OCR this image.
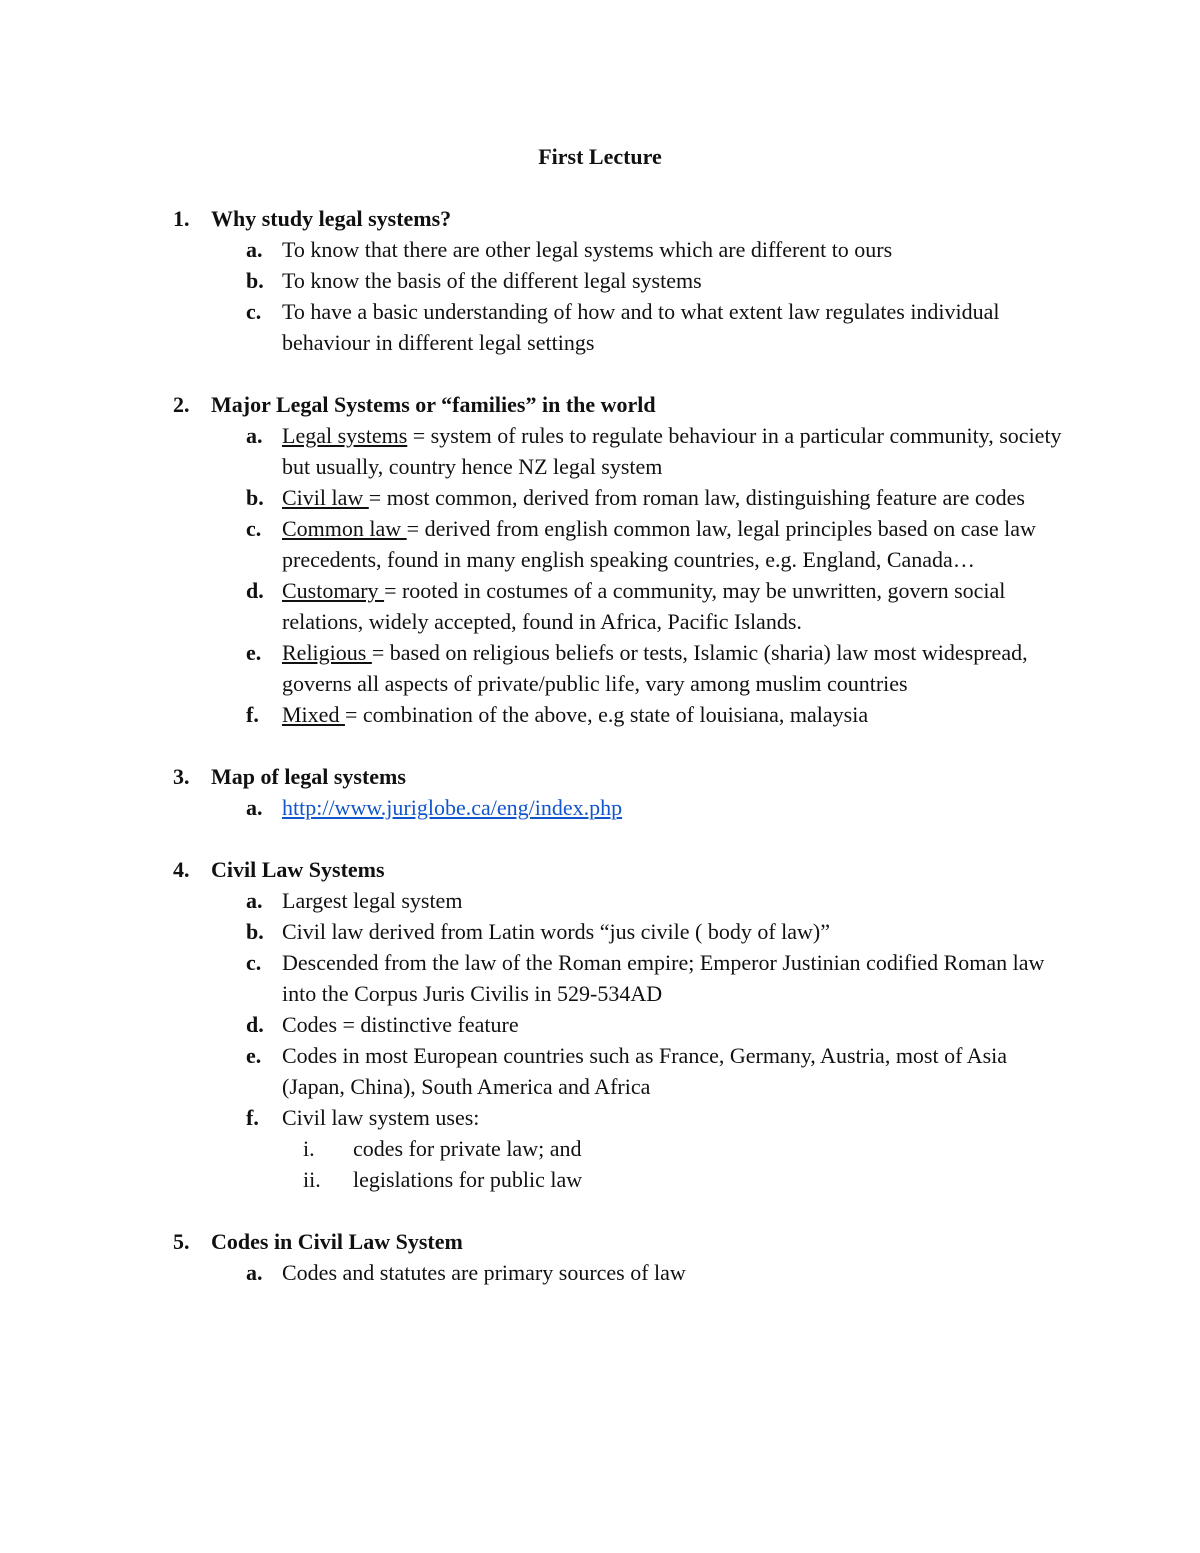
First Lecture
1. Why study legal systems?
a. To know that there are other legal systems which are different to ours
b. To know the basis of the different legal systems
c. To have a basic understanding of how and to what extent law regulates individual behaviour in different legal settings
2. Major Legal Systems or “families” in the world
a. Legal systems = system of rules to regulate behaviour in a particular community, society but usually, country hence NZ legal system
b. Civil law = most common, derived from roman law, distinguishing feature are codes
c. Common law = derived from english common law, legal principles based on case law precedents, found in many english speaking countries, e.g. England, Canada…
d. Customary = rooted in costumes of a community, may be unwritten, govern social relations, widely accepted, found in Africa, Pacific Islands.
e. Religious = based on religious beliefs or tests, Islamic (sharia) law most widespread, governs all aspects of private/public life, vary among muslim countries
f.	Mixed = combination of the above, e.g state of louisiana, malaysia
3. Map of legal systems
a. http://www.juriglobe.ca/eng/index.php
4. Civil Law Systems
a. Largest legal system
b. Civil law derived from Latin words “jus civile ( body of law)”
c. Descended from the law of the Roman empire; Emperor Justinian codified Roman law into the Corpus Juris Civilis in 529-534AD
d. Codes = distinctive feature
e. Codes in most European countries such as France, Germany, Austria, most of Asia (Japan, China), South America and Africa
f.	Civil law system uses:
i.	codes for private law; and
ii.	legislations for public law
5. Codes in Civil Law System
a. Codes and statutes are primary sources of law
